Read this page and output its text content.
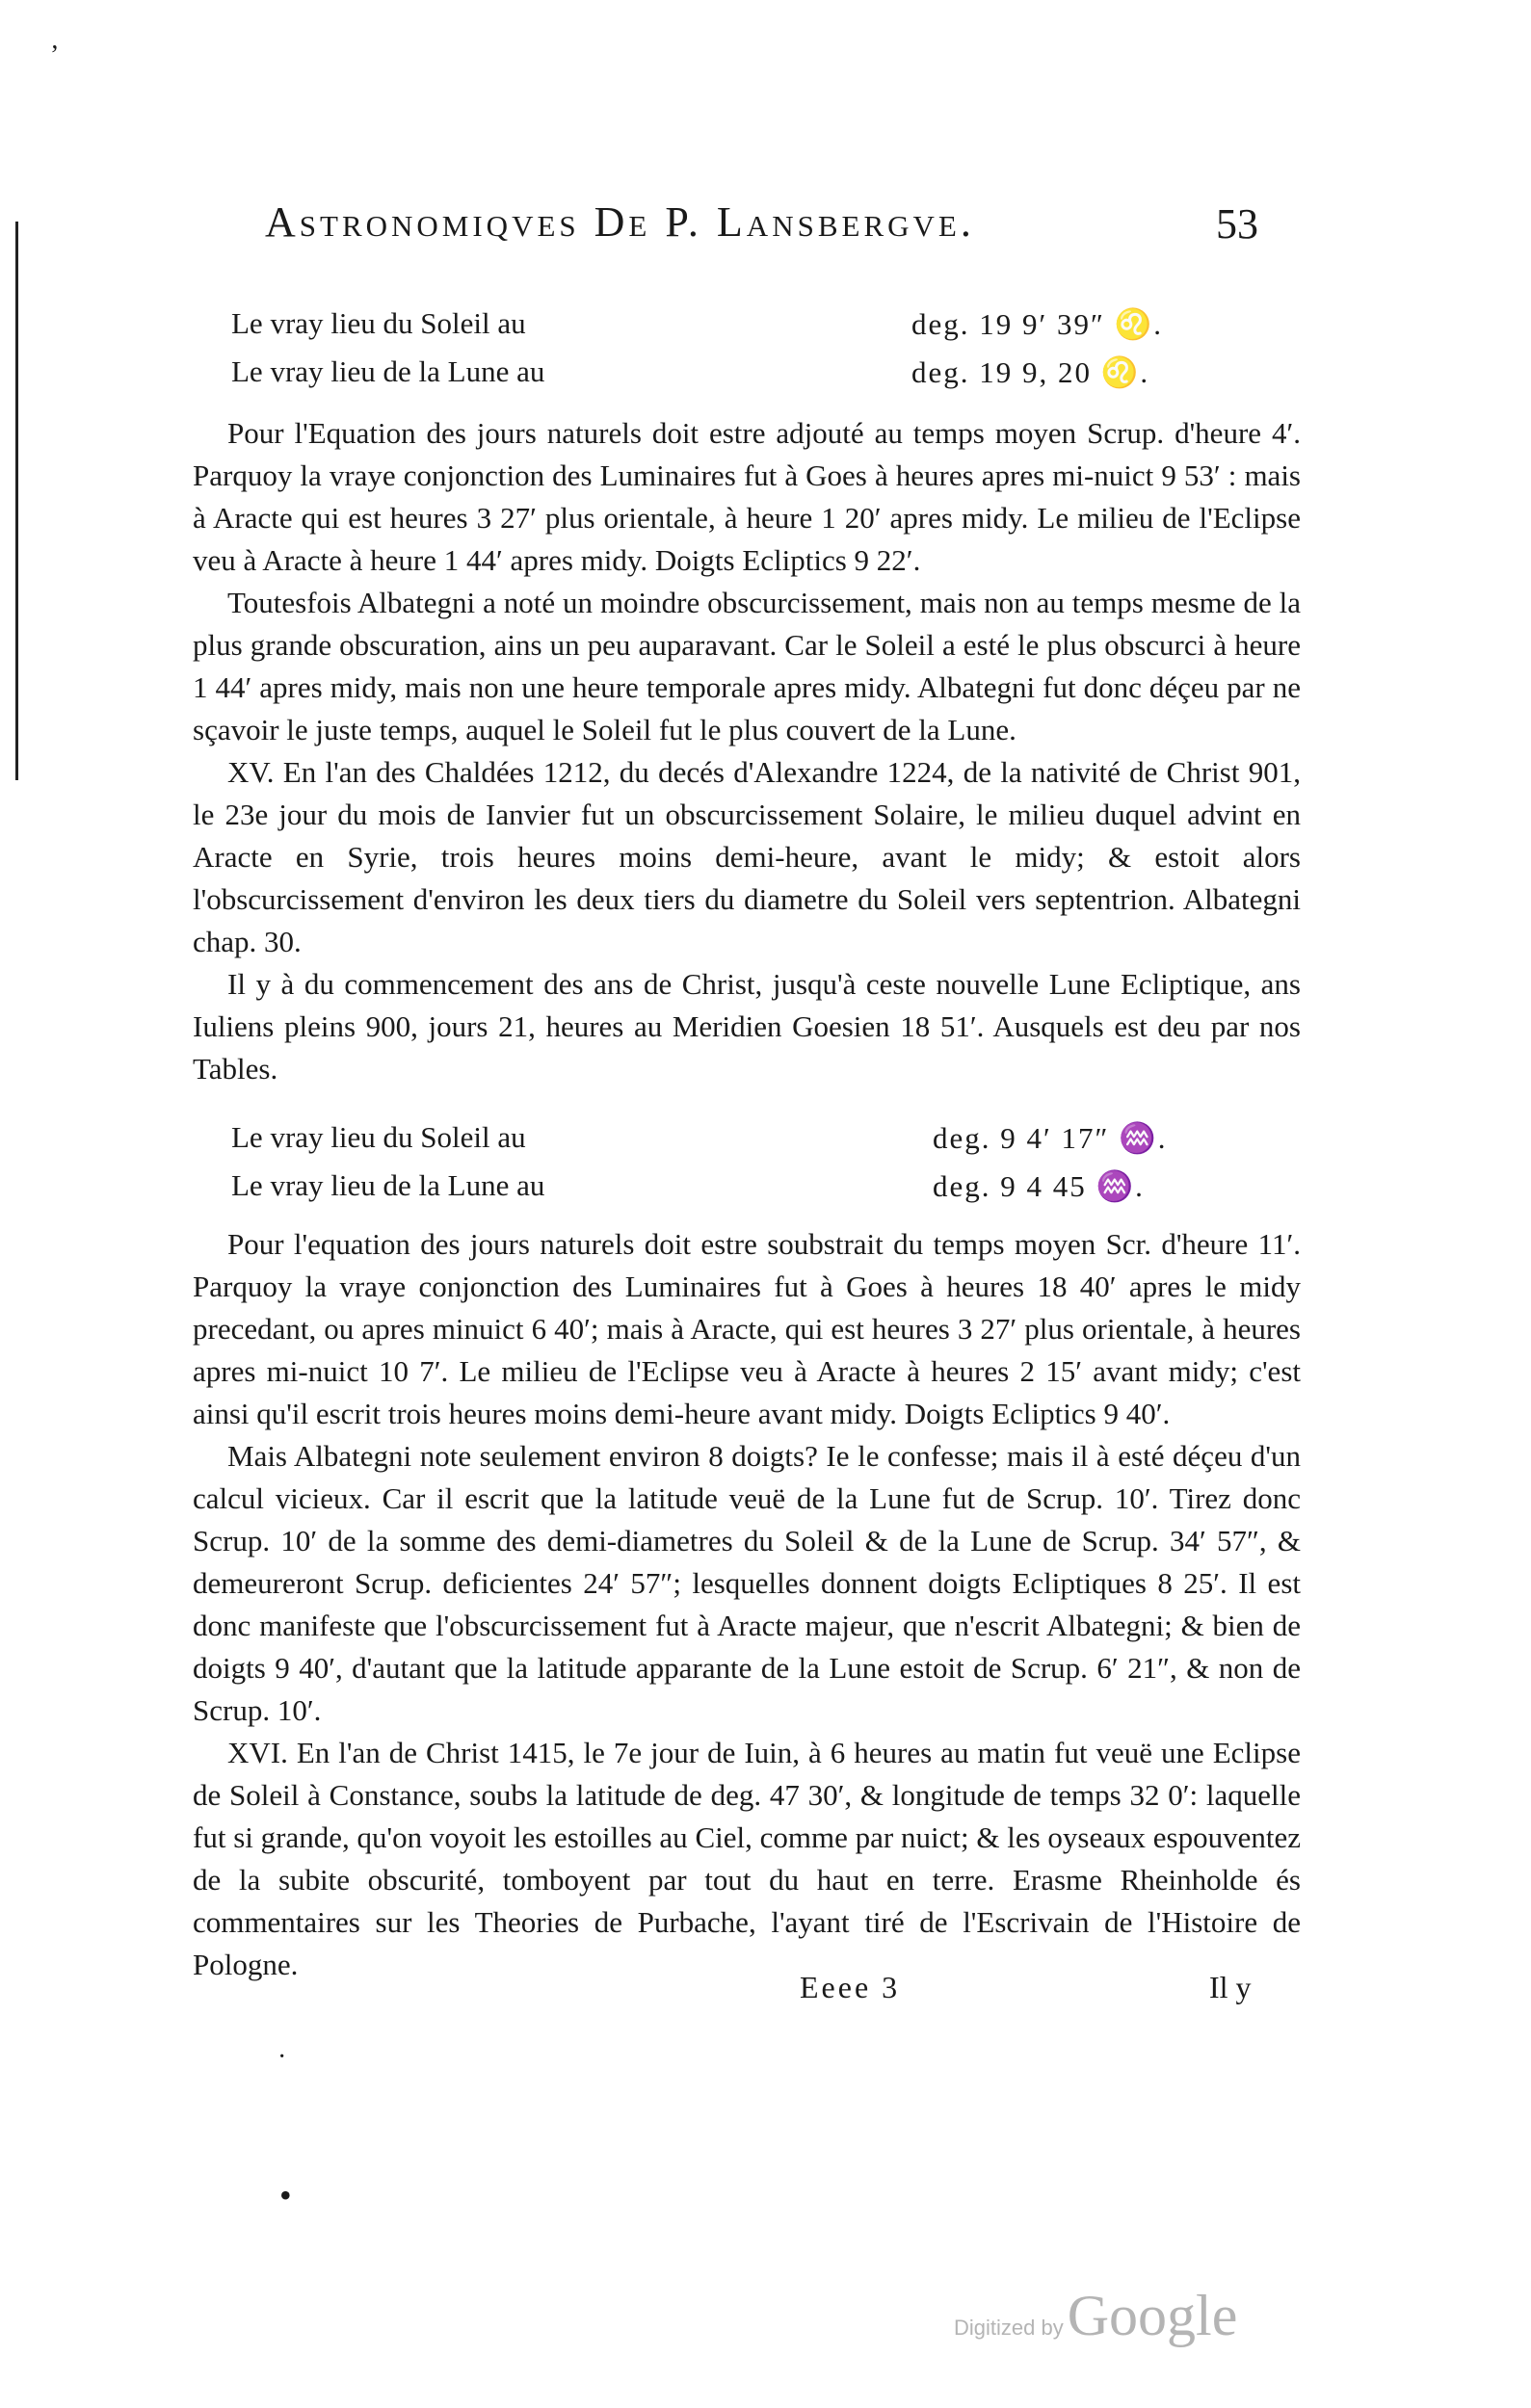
ʼ
Astronomiqves De P. Lansbergve.	53
Le vray lieu du Soleil au	deg. 19 9′ 39″ ♌.
Le vray lieu de la Lune au	deg. 19 9, 20 ♌.

Pour l'Equation des jours naturels doit estre adjouté au temps moyen Scrup. d'heure 4′. Parquoy la vraye conjonction des Luminaires fut à Goes à heures apres mi-nuict 9 53′ : mais à Aracte qui est heures 3 27′ plus orientale, à heure 1 20′ apres midy. Le milieu de l'Eclipse veu à Aracte à heure 1 44′ apres midy. Doigts Ecliptics 9 22′.

Toutesfois Albategni a noté un moindre obscurcissement, mais non au temps mesme de la plus grande obscuration, ains un peu auparavant. Car le Soleil a esté le plus obscurci à heure 1 44′ apres midy, mais non une heure temporale apres midy. Albategni fut donc déçeu par ne sçavoir le juste temps, auquel le Soleil fut le plus couvert de la Lune.

XV. En l'an des Chaldées 1212, du decés d'Alexandre 1224, de la nativité de Christ 901, le 23e jour du mois de Ianvier fut un obscurcissement Solaire, le milieu duquel advint en Aracte en Syrie, trois heures moins demi-heure, avant le midy; & estoit alors l'obscurcissement d'environ les deux tiers du diametre du Soleil vers septentrion. Albategni chap. 30.

Il y à du commencement des ans de Christ, jusqu'à ceste nouvelle Lune Ecliptique, ans Iuliens pleins 900, jours 21, heures au Meridien Goesien 18 51′. Ausquels est deu par nos Tables.

Le vray lieu du Soleil au	deg. 9 4′ 17″ ♒.
Le vray lieu de la Lune au	deg. 9 4 45 ♒.

Pour l'equation des jours naturels doit estre soubstrait du temps moyen Scr. d'heure 11′. Parquoy la vraye conjonction des Luminaires fut à Goes à heures 18 40′ apres le midy precedant, ou apres minuict 6 40′; mais à Aracte, qui est heures 3 27′ plus orientale, à heures apres mi-nuict 10 7′. Le milieu de l'Eclipse veu à Aracte à heures 2 15′ avant midy; c'est ainsi qu'il escrit trois heures moins demi-heure avant midy. Doigts Ecliptics 9 40′.

Mais Albategni note seulement environ 8 doigts? Ie le confesse; mais il à esté déçeu d'un calcul vicieux. Car il escrit que la latitude veuë de la Lune fut de Scrup. 10′. Tirez donc Scrup. 10′ de la somme des demi-diametres du Soleil & de la Lune de Scrup. 34′ 57″, & demeureront Scrup. deficientes 24′ 57″; lesquelles donnent doigts Ecliptiques 8 25′. Il est donc manifeste que l'obscurcissement fut à Aracte majeur, que n'escrit Albategni; & bien de doigts 9 40′, d'autant que la latitude apparante de la Lune estoit de Scrup. 6′ 21″, & non de Scrup. 10′.

XVI. En l'an de Christ 1415, le 7e jour de Iuin, à 6 heures au matin fut veuë une Eclipse de Soleil à Constance, soubs la latitude de deg. 47 30′, & longitude de temps 32 0′: laquelle fut si grande, qu'on voyoit les estoilles au Ciel, comme par nuict; & les oyseaux espouventez de la subite obscurité, tomboyent par tout du haut en terre. Erasme Rheinholde és commentaires sur les Theories de Purbache, l'ayant tiré de l'Escrivain de l'Histoire de Pologne.

Eeee 3	Il y
·
•
Digitized by Google
